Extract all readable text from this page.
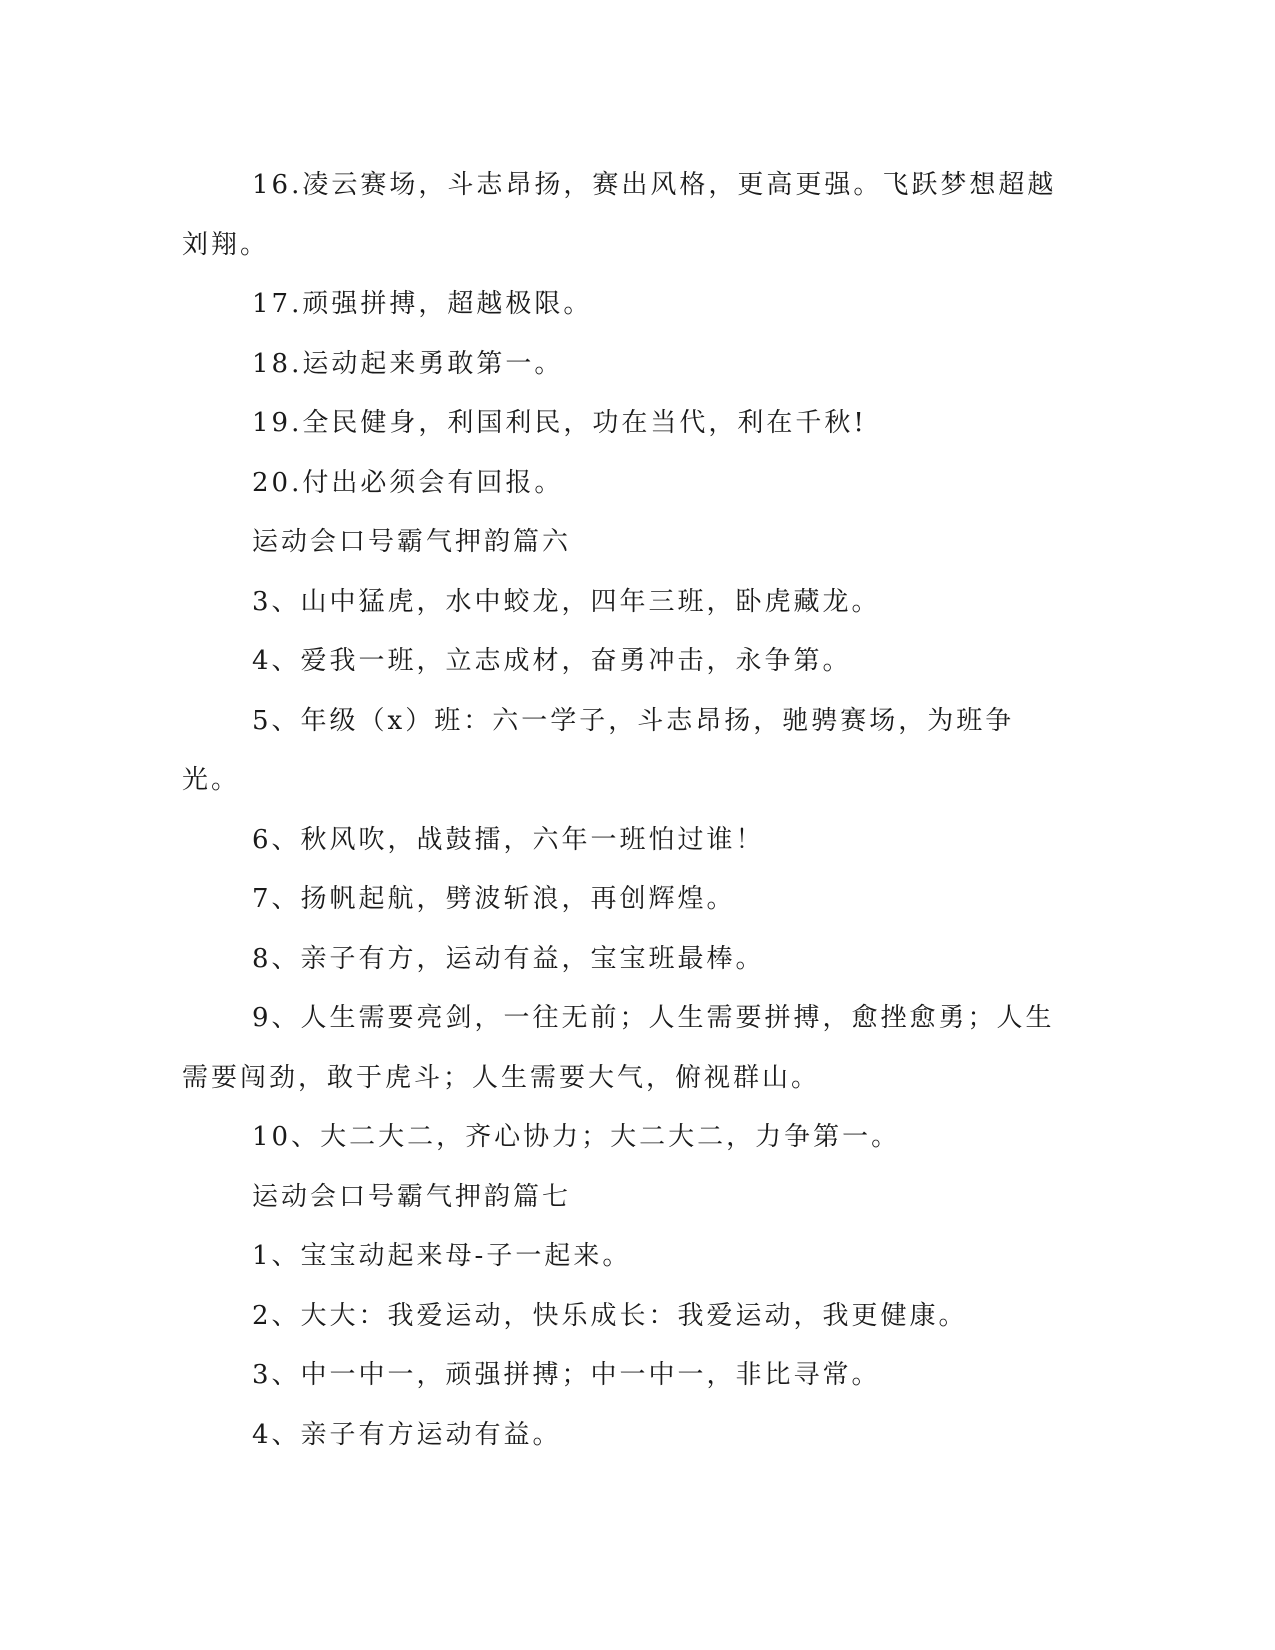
16.凌云赛场，斗志昂扬，赛出风格，更高更强。飞跃梦想超越刘翔。

17.顽强拼搏，超越极限。

18.运动起来勇敢第一。

19.全民健身，利国利民，功在当代，利在千秋!

20.付出必须会有回报。

运动会口号霸气押韵篇六

3、山中猛虎，水中蛟龙，四年三班，卧虎藏龙。

4、爱我一班，立志成材，奋勇冲击，永争第。

5、年级（x）班：六一学子，斗志昂扬，驰骋赛场，为班争光。

6、秋风吹，战鼓擂，六年一班怕过谁！

7、扬帆起航，劈波斩浪，再创辉煌。

8、亲子有方，运动有益，宝宝班最棒。

9、人生需要亮剑，一往无前；人生需要拼搏，愈挫愈勇；人生需要闯劲，敢于虎斗；人生需要大气，俯视群山。

10、大二大二，齐心协力；大二大二，力争第一。

运动会口号霸气押韵篇七

1、宝宝动起来母-子一起来。

2、大大：我爱运动，快乐成长：我爱运动，我更健康。

3、中一中一，顽强拼搏；中一中一，非比寻常。

4、亲子有方运动有益。
